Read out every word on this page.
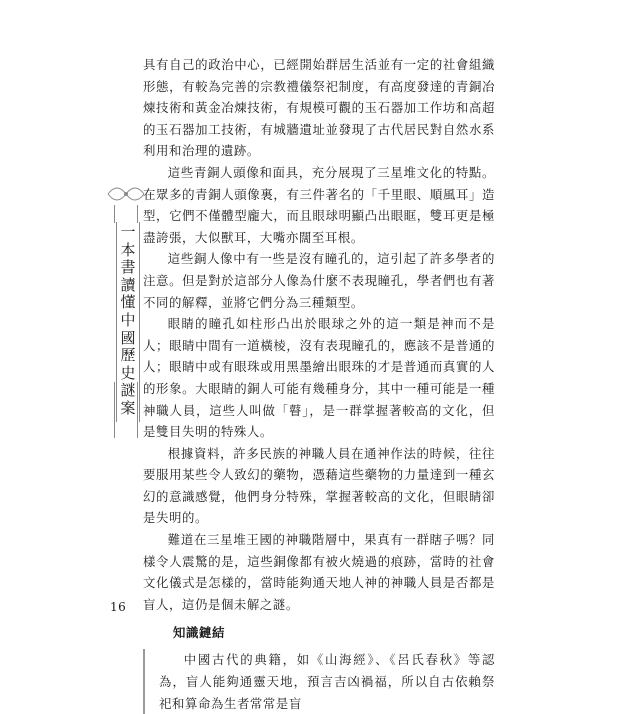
具有自己的政治中心，已經開始群居生活並有一定的社會組織形態，有較為完善的宗教禮儀祭祀制度，有高度發達的青銅冶煉技術和黃金冶煉技術，有規模可觀的玉石器加工作坊和高超的玉石器加工技術，有城牆遺址並發現了古代居民對自然水系利用和治理的遺跡。

這些青銅人頭像和面具，充分展現了三星堆文化的特點。在眾多的青銅人頭像裏，有三件著名的「千里眼、順風耳」造型，它們不僅體型龐大，而且眼球明顯凸出眼眶，雙耳更是極盡誇張，大似獸耳，大嘴亦闊至耳根。

這些銅人像中有一些是沒有瞳孔的，這引起了許多學者的注意。但是對於這部分人像為什麼不表現瞳孔，學者們也有著不同的解釋，並將它們分為三種類型。

眼睛的瞳孔如柱形凸出於眼球之外的這一類是神而不是人；眼睛中間有一道橫棱，沒有表現瞳孔的，應該不是普通的人；眼睛中或有眼珠或用黑墨繪出眼珠的才是普通而真實的人的形象。大眼睛的銅人可能有幾種身分，其中一種可能是一種神職人員，這些人叫做「瞽」，是一群掌握著較高的文化，但是雙目失明的特殊人。

根據資料，許多民族的神職人員在通神作法的時候，往往要服用某些令人致幻的藥物，憑藉這些藥物的力量達到一種玄幻的意識感覺，他們身分特殊，掌握著較高的文化，但眼睛卻是失明的。

難道在三星堆王國的神職階層中，果真有一群瞎子嗎？同樣令人震驚的是，這些銅像都有被火燒過的痕跡，當時的社會文化儀式是怎樣的，當時能夠通天地人神的神職人員是否都是盲人，這仍是個未解之謎。

知識鏈結

中國古代的典籍，如《山海經》、《呂氏春秋》等認為，盲人能夠通靈天地，預言吉凶禍福，所以自古依賴祭祀和算命為生者常常是盲

一
本
書
讀
懂
中
國
歷
史
謎
案
16
